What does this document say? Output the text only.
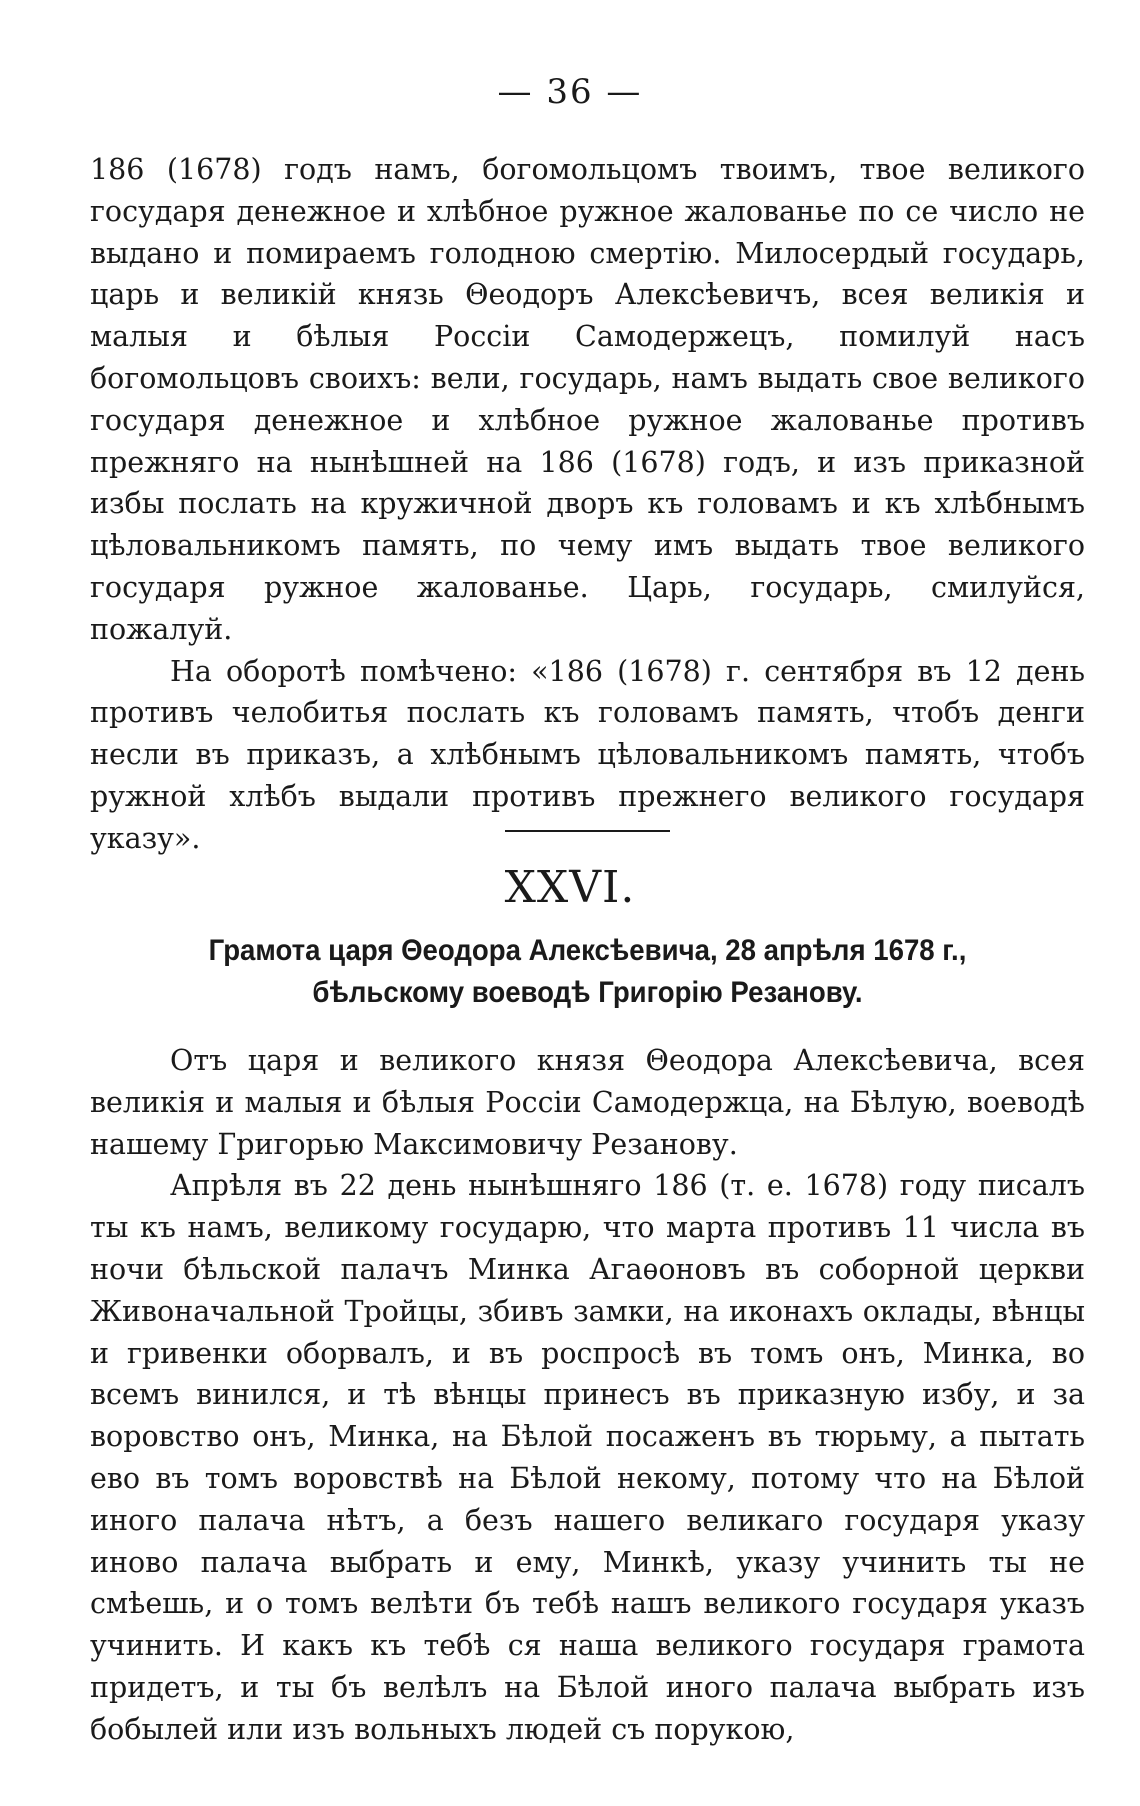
— 36 —

186 (1678) годъ намъ, богомольцомъ твоимъ, твое великого государя денежное и хлѣбное ружное жалованье по се число не выдано и помираемъ голодною смертію. Милосердый государь, царь и великій князь Θеодоръ Алексѣевичъ, всея великія и малыя и бѣлыя Россіи Самодержецъ, помилуй насъ богомольцовъ своихъ: вели, государь, намъ выдать свое великого государя денежное и хлѣбное ружное жалованье противъ прежняго на нынѣшней на 186 (1678) годъ, и изъ приказной избы послать на кружичной дворъ къ головамъ и къ хлѣбнымъ цѣловальникомъ память, по чему имъ выдать твое великого государя ружное жалованье. Царь, государь, смилуйся, пожалуй.

На оборотѣ помѣчено: «186 (1678) г. сентября въ 12 день противъ челобитья послать къ головамъ память, чтобъ денги несли въ приказъ, а хлѣбнымъ цѣловальникомъ память, чтобъ ружной хлѣбъ выдали противъ прежнего великого государя указу».

XXVI.
Грамота царя Θеодора Алексѣевича, 28 апрѣля 1678 г., бѣльскому воеводѣ Григорію Резанову.

Отъ царя и великого князя Θеодора Алексѣевича, всея великія и малыя и бѣлыя Россіи Самодержца, на Бѣлую, воеводѣ нашему Григорью Максимовичу Резанову.

Апрѣля въ 22 день нынѣшняго 186 (т. е. 1678) году писалъ ты къ намъ, великому государю, что марта противъ 11 числа въ ночи бѣльской палачъ Минка Агаѳоновъ въ соборной церкви Живоначальной Тройцы, збивъ замки, на иконахъ оклады, вѣнцы и гривенки оборвалъ, и въ роспросѣ въ томъ онъ, Минка, во всемъ винился, и тѣ вѣнцы принесъ въ приказную избу, и за воровство онъ, Минка, на Бѣлой посаженъ въ тюрьму, а пытать ево въ томъ воровствѣ на Бѣлой некому, потому что на Бѣлой иного палача нѣтъ, а безъ нашего великаго государя указу иново палача выбрать и ему, Минкѣ, указу учинить ты не смѣешь, и о томъ велѣти бъ тебѣ нашъ великого государя указъ учинить. И какъ къ тебѣ ся наша великого государя грамота придетъ, и ты бъ велѣлъ на Бѣлой иного палача выбрать изъ бобылей или изъ вольныхъ людей съ порукою,
